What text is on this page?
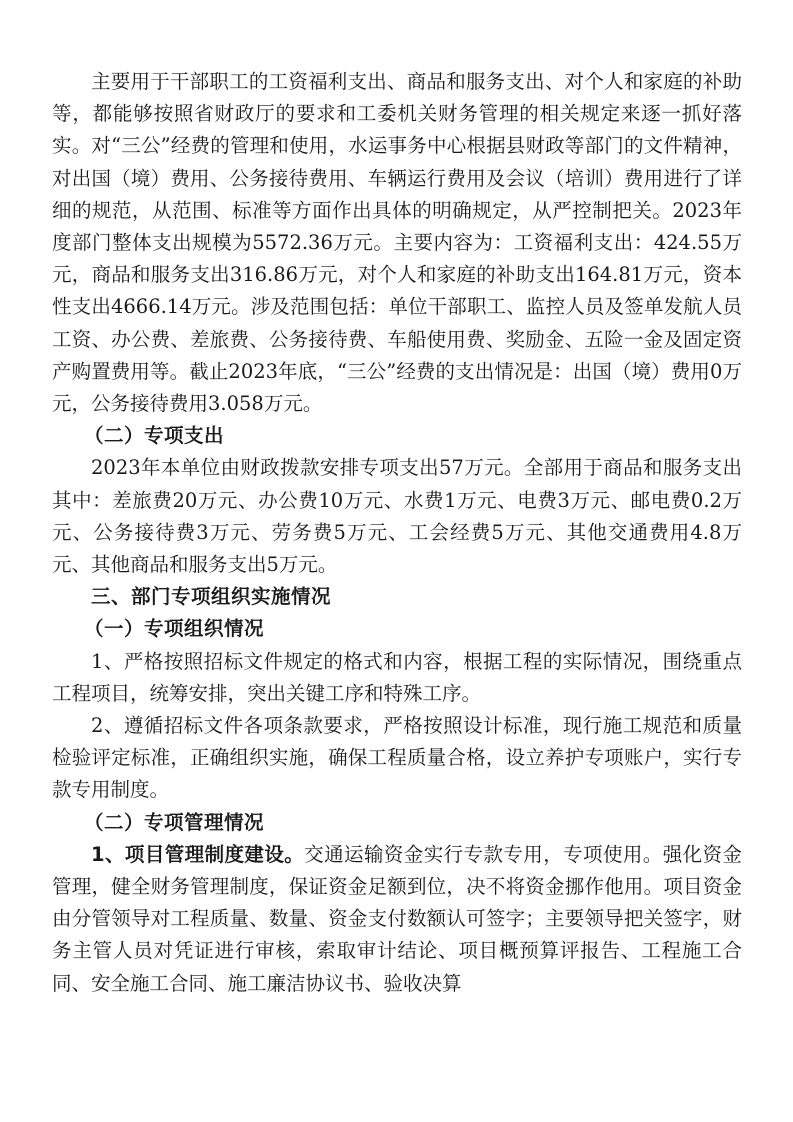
主要用于干部职工的工资福利支出、商品和服务支出、对个人和家庭的补助等，都能够按照省财政厅的要求和工委机关财务管理的相关规定来逐一抓好落实。对“三公”经费的管理和使用，水运事务中心根据县财政等部门的文件精神，对出国（境）费用、公务接待费用、车辆运行费用及会议（培训）费用进行了详细的规范，从范围、标准等方面作出具体的明确规定，从严控制把关。2023年度部门整体支出规模为5572.36万元。主要内容为：工资福利支出：424.55万元，商品和服务支出316.86万元，对个人和家庭的补助支出164.81万元，资本性支出4666.14万元。涉及范围包括：单位干部职工、监控人员及签单发航人员工资、办公费、差旅费、公务接待费、车船使用费、奖励金、五险一金及固定资产购置费用等。截止2023年底，“三公”经费的支出情况是：出国（境）费用0万元，公务接待费用3.058万元。

（二）专项支出

2023年本单位由财政拨款安排专项支出57万元。全部用于商品和服务支出其中：差旅费20万元、办公费10万元、水费1万元、电费3万元、邮电费0.2万元、公务接待费3万元、劳务费5万元、工会经费5万元、其他交通费用4.8万元、其他商品和服务支出5万元。

三、部门专项组织实施情况

（一）专项组织情况

1、严格按照招标文件规定的格式和内容，根据工程的实际情况，围绕重点工程项目，统筹安排，突出关键工序和特殊工序。

2、遵循招标文件各项条款要求，严格按照设计标准，现行施工规范和质量检验评定标准，正确组织实施，确保工程质量合格，设立养护专项账户，实行专款专用制度。

（二）专项管理情况

1、项目管理制度建设。交通运输资金实行专款专用，专项使用。强化资金管理，健全财务管理制度，保证资金足额到位，决不将资金挪作他用。项目资金由分管领导对工程质量、数量、资金支付数额认可签字；主要领导把关签字，财务主管人员对凭证进行审核，索取审计结论、项目概预算评报告、工程施工合同、安全施工合同、施工廉洁协议书、验收决算
